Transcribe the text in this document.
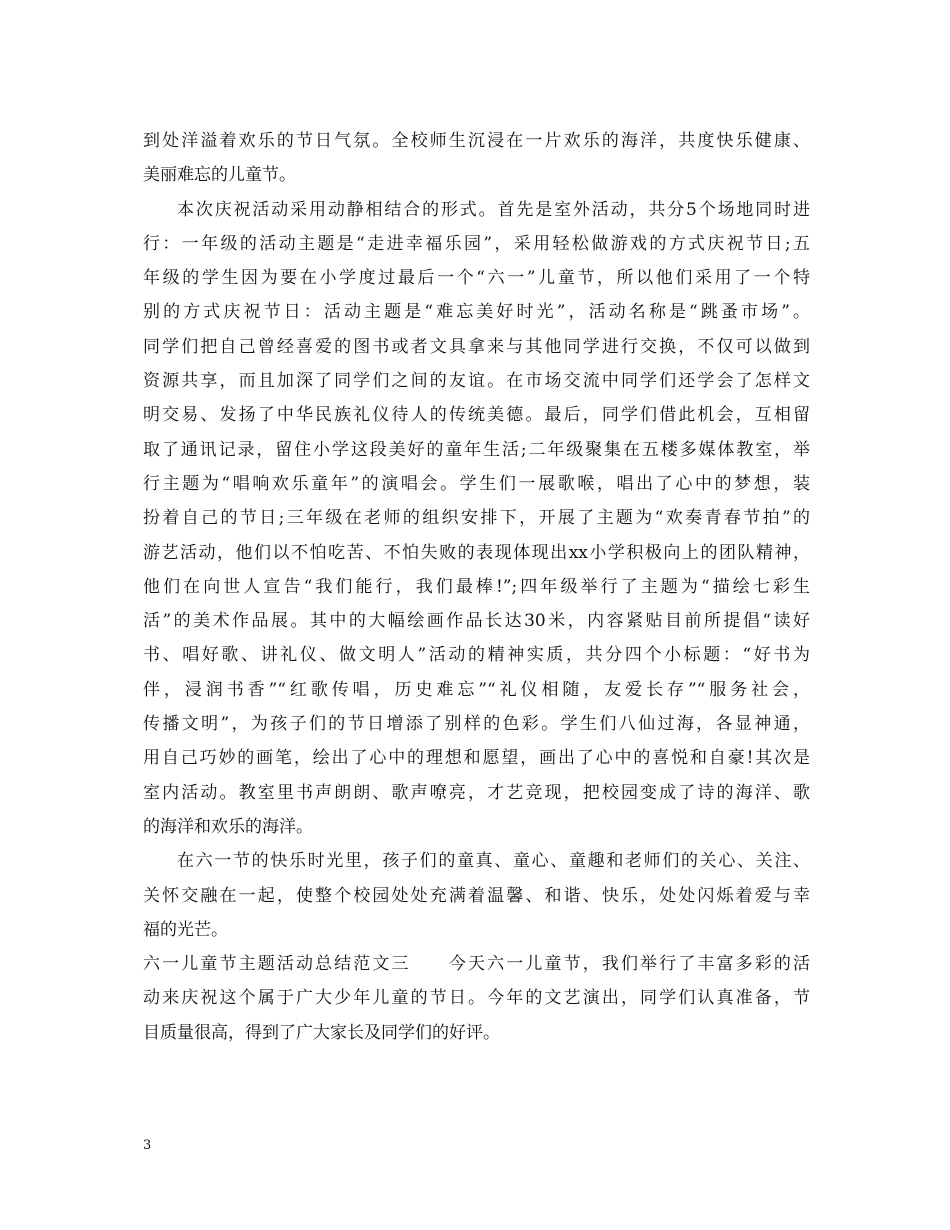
到处洋溢着欢乐的节日气氛。全校师生沉浸在一片欢乐的海洋，共度快乐健康、
美丽难忘的儿童节。
本次庆祝活动采用动静相结合的形式。首先是室外活动，共分5个场地同时进
行：一年级的活动主题是“走进幸福乐园”，采用轻松做游戏的方式庆祝节日;五
年级的学生因为要在小学度过最后一个“六一”儿童节，所以他们采用了一个特
别的方式庆祝节日：活动主题是“难忘美好时光”，活动名称是“跳蚤市场”。
同学们把自己曾经喜爱的图书或者文具拿来与其他同学进行交换，不仅可以做到
资源共享，而且加深了同学们之间的友谊。在市场交流中同学们还学会了怎样文
明交易、发扬了中华民族礼仪待人的传统美德。最后，同学们借此机会，互相留
取了通讯记录，留住小学这段美好的童年生活;二年级聚集在五楼多媒体教室，举
行主题为“唱响欢乐童年”的演唱会。学生们一展歌喉，唱出了心中的梦想，装
扮着自己的节日;三年级在老师的组织安排下，开展了主题为“欢奏青春节拍”的
游艺活动，他们以不怕吃苦、不怕失败的表现体现出xx小学积极向上的团队精神，
他们在向世人宣告“我们能行，我们最棒!”;四年级举行了主题为“描绘七彩生
活”的美术作品展。其中的大幅绘画作品长达30米，内容紧贴目前所提倡“读好
书、唱好歌、讲礼仪、做文明人”活动的精神实质，共分四个小标题：“好书为
伴，浸润书香”“红歌传唱，历史难忘”“礼仪相随，友爱长存”“服务社会，
传播文明”，为孩子们的节日增添了别样的色彩。学生们八仙过海，各显神通，
用自己巧妙的画笔，绘出了心中的理想和愿望，画出了心中的喜悦和自豪!其次是
室内活动。教室里书声朗朗、歌声嘹亮，才艺竞现，把校园变成了诗的海洋、歌
的海洋和欢乐的海洋。
在六一节的快乐时光里，孩子们的童真、童心、童趣和老师们的关心、关注、
关怀交融在一起，使整个校园处处充满着温馨、和谐、快乐，处处闪烁着爱与幸
福的光芒。
六一儿童节主题活动总结范文三　　今天六一儿童节，我们举行了丰富多彩的活
动来庆祝这个属于广大少年儿童的节日。今年的文艺演出，同学们认真准备，节
目质量很高，得到了广大家长及同学们的好评。
3
